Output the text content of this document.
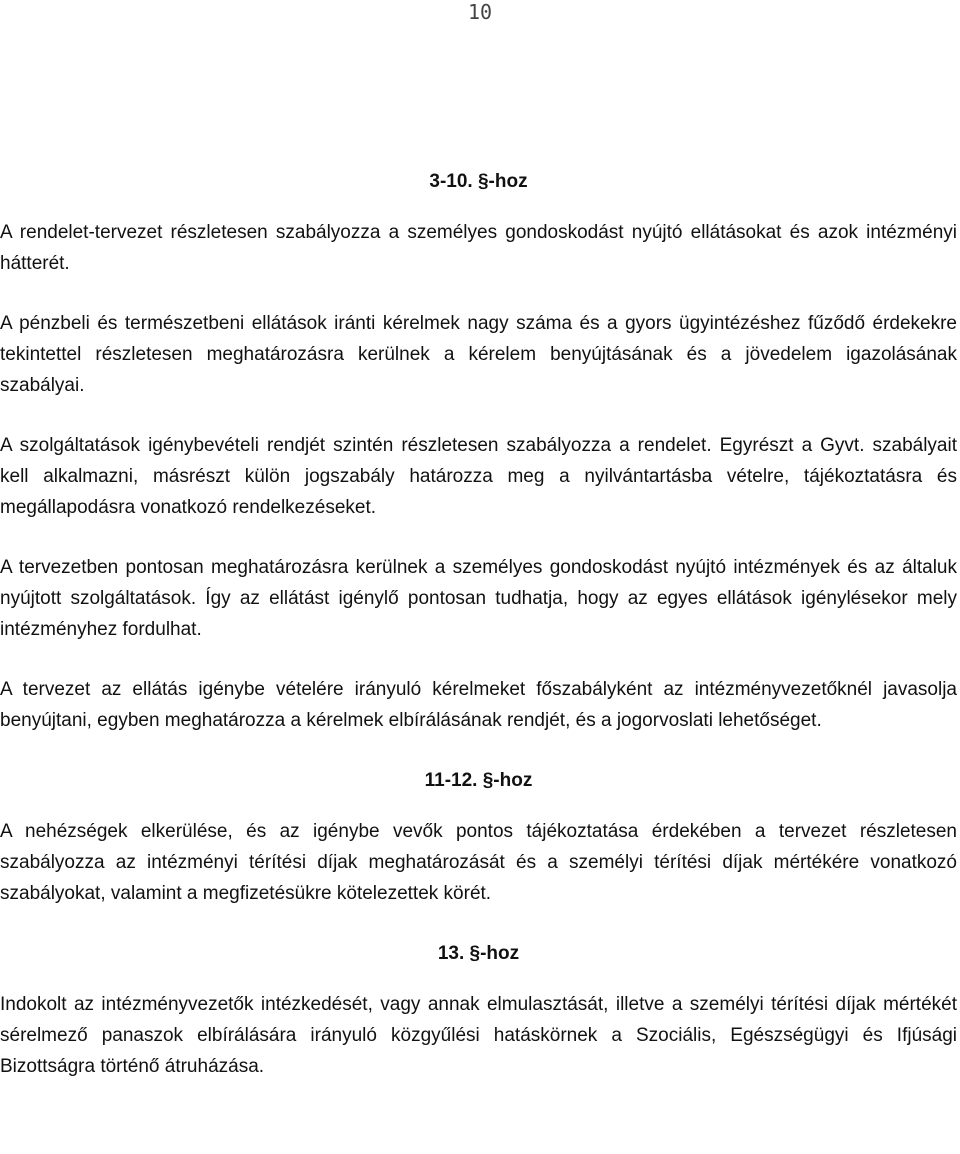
10

3-10. §-hoz

A rendelet-tervezet részletesen szabályozza a személyes gondoskodást nyújtó ellátásokat és azok intézményi hátterét.

A pénzbeli és természetbeni ellátások iránti kérelmek nagy száma és a gyors ügyintézéshez fűződő érdekekre tekintettel részletesen meghatározásra kerülnek a kérelem benyújtásának és a jövedelem igazolásának szabályai.

A szolgáltatások igénybevételi rendjét szintén részletesen szabályozza a rendelet. Egyrészt a Gyvt. szabályait kell alkalmazni, másrészt külön jogszabály határozza meg a nyilvántartásba vételre, tájékoztatásra és megállapodásra vonatkozó rendelkezéseket.

A tervezetben pontosan meghatározásra kerülnek a személyes gondoskodást nyújtó intézmények és az általuk nyújtott szolgáltatások. Így az ellátást igénylő pontosan tudhatja, hogy az egyes ellátások igénylésekor mely intézményhez fordulhat.

A tervezet az ellátás igénybe vételére irányuló kérelmeket főszabályként az intézményvezetőknél javasolja benyújtani, egyben meghatározza a kérelmek elbírálásának rendjét, és a jogorvoslati lehetőséget.

11-12. §-hoz

A nehézségek elkerülése, és az igénybe vevők pontos tájékoztatása érdekében a tervezet részletesen szabályozza az intézményi térítési díjak meghatározását és a személyi térítési díjak mértékére vonatkozó szabályokat, valamint a megfizetésükre kötelezettek körét.

13. §-hoz

Indokolt az intézményvezetők intézkedését, vagy annak elmulasztását, illetve a személyi térítési díjak mértékét sérelmező panaszok elbírálására irányuló közgyűlési hatáskörnek a Szociális, Egészségügyi és Ifjúsági Bizottságra történő átruházása.
